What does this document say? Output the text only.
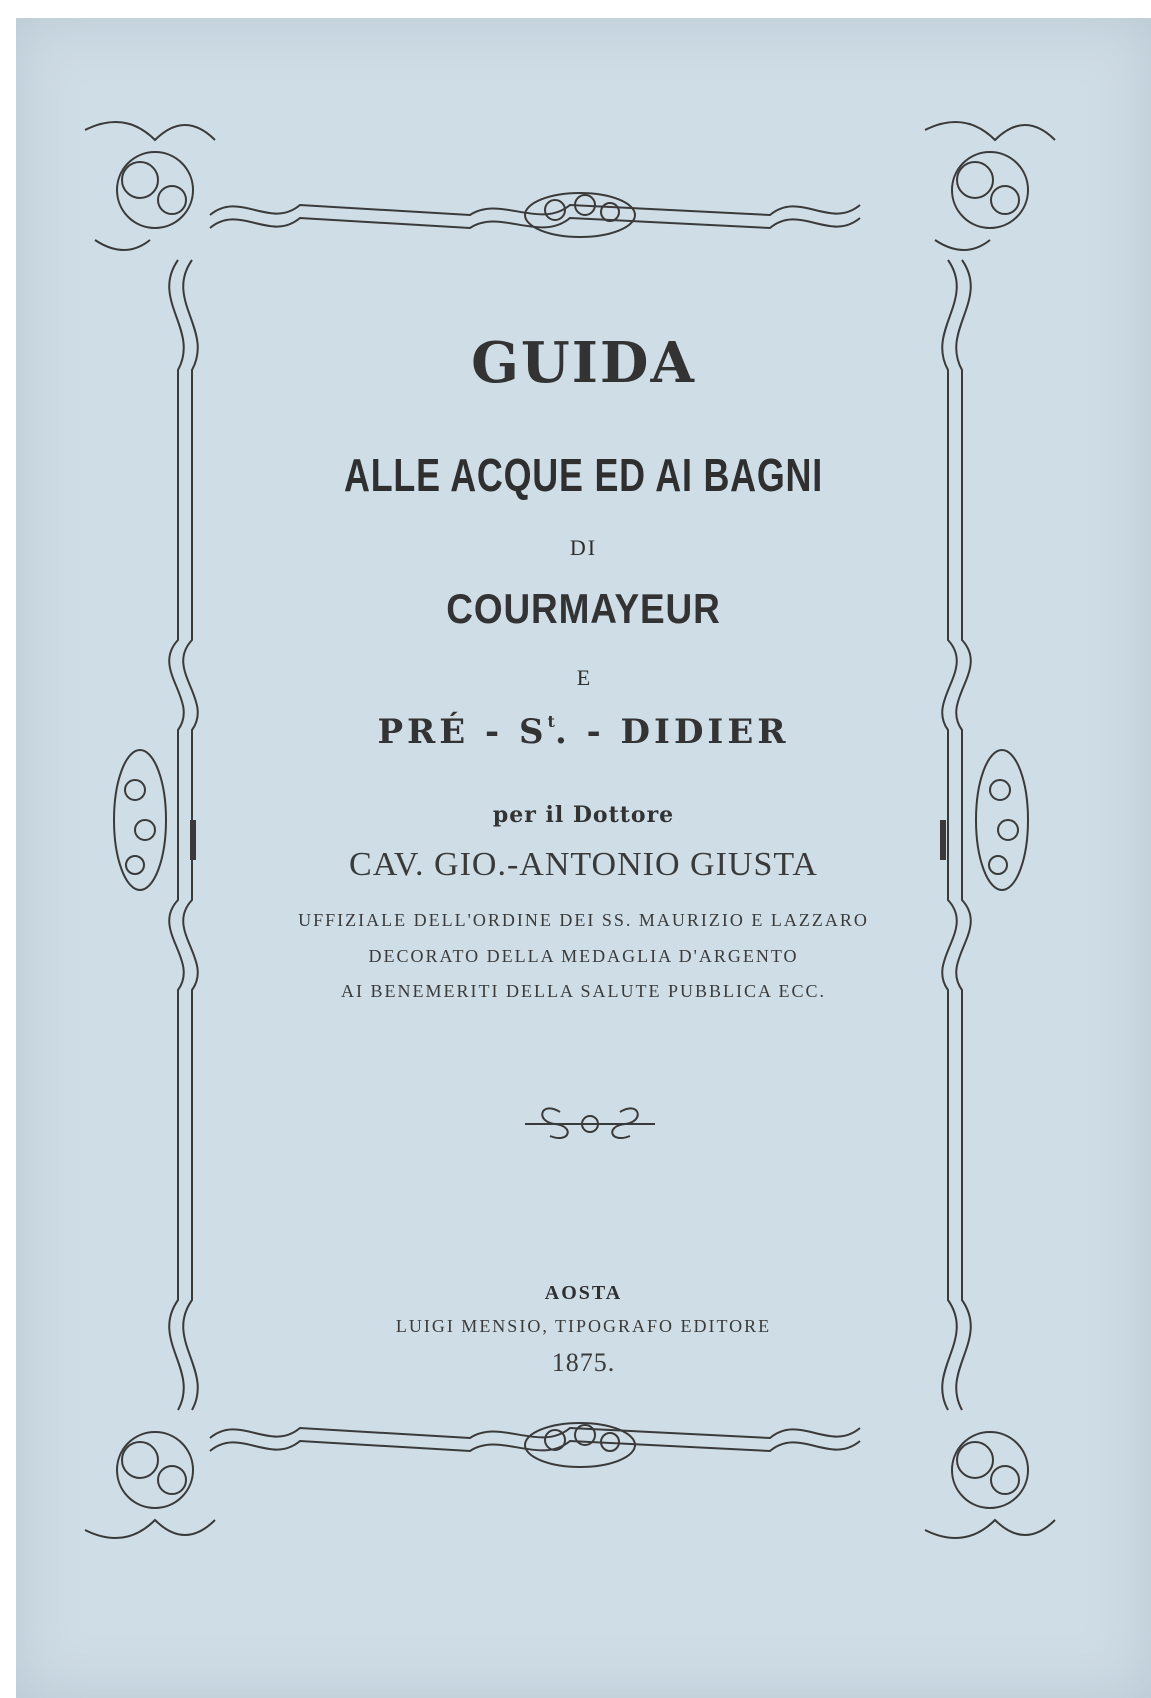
GUIDA
ALLE ACQUE ED AI BAGNI
DI
COURMAYEUR
E
PRÉ - $S^t$. - DIDIER
per il Dottore
CAV. GIO.-ANTONIO GIUSTA
UFFIZIALE DELL'ORDINE DEI SS. MAURIZIO E LAZZARO
DECORATO DELLA MEDAGLIA D'ARGENTO
AI BENEMERITI DELLA SALUTE PUBBLICA ECC.
AOSTA
LUIGI MENSIO, TIPOGRAFO EDITORE
1875.
